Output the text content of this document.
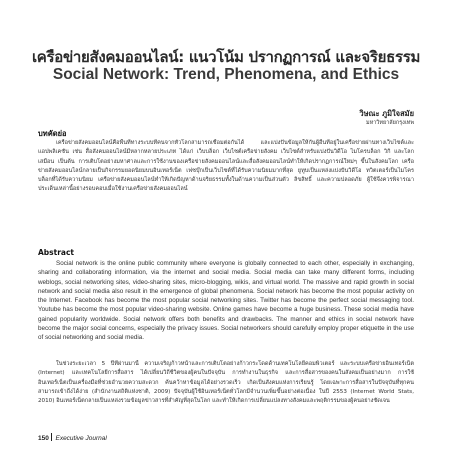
เครือข่ายสังคมออนไลน์: แนวโน้ม ปรากฏการณ์ และจริยธรรม
Social Network: Trend, Phenomena, and Ethics
วิษณะ ภูมิใจสมัย
มหาวิทยาลัยกรุงเทพ
บทคัดย่อ

เครือข่ายสังคมออนไลน์คือพื้นที่ทางระบบที่คนจากทั่วโลกสามารถเชื่อมต่อกันได้ และแบ่งปันข้อมูลให้กันผู้อื่นที่อยู่ในเครือข่ายผ่านทางเว็บไซต์และแอปพลิเคชัน เช่น สื่อสังคมออนไลน์มีหลากหลายประเภท ได้แก่ เว็บบล็อก เว็บไซต์เครือข่ายสังคม เว็บไซต์สำหรับแบ่งปันวิดีโอ ไมโครบล็อก วิกิ และโลกเสมือน เป็นต้น การเติบโตอย่างมหาศาลและการใช้งานของเครือข่ายสังคมออนไลน์และสื่อสังคมออนไลน์ทำให้เกิดปรากฏการณ์ใหม่ๆ ขึ้นในสังคมโลก เครือข่ายสังคมออนไลน์กลายเป็นกิจกรรมยอดนิยมบนอินเทอร์เน็ต เฟซบุ๊กเป็นเว็บไซต์ที่ได้รับความนิยมมากที่สุด ยูทูบเป็นแหล่งแบ่งปันวิดีโอ ทวิตเตอร์เป็นไมโครบล็อกที่ได้รับความนิยม เครือข่ายสังคมออนไลน์ทำให้เกิดปัญหาด้านจริยธรรมทั้งในด้านความเป็นส่วนตัว ลิขสิทธิ์ และความปลอดภัย ผู้ใช้จึงควรพิจารณาประเด็นเหล่านี้อย่างรอบคอบเมื่อใช้งานเครือข่ายสังคมออนไลน์

Abstract

Social network is the online public community where everyone is globally connected to each other, especially in exchanging, sharing and collaborating information, via the internet and social media. Social media can take many different forms, including weblogs, social networking sites, video-sharing sites, micro-blogging, wikis, and virtual world. The massive and rapid growth in social network and social media also result in the emergence of global phenomena. Social network has become the most popular activity on the Internet. Facebook has become the most popular social networking sites. Twitter has become the perfect social messaging tool. Youtube has become the most popular video-sharing website. Online games have become a huge business. These social media have gained popularity worldwide. Social network offers both benefits and drawbacks. The manner and ethics in social network have become the major social concerns, especially the privacy issues. Social networkers should carefully employ proper etiquette in the use of social networking and social media.

ในช่วงระยะเวลา 5 ปีที่ผ่านมานี้ ความเจริญก้าวหน้าและการเติบโตอย่างก้าวกระโดดด้านเทคโนโลยีคอมพิวเตอร์ และระบบเครือข่ายอินเทอร์เน็ต (Internet) และเทคโนโลยีการสื่อสาร ได้เปลี่ยนวิถีชีวิตของผู้คนในปัจจุบัน การทำงานในธุรกิจ และการสื่อสารของคนในสังคมเป็นอย่างมาก การใช้อินเทอร์เน็ตเป็นเครื่องมือที่ช่วยอำนวยความสะดวก ค้นคว้าหาข้อมูลได้อย่างรวดเร็ว เกิดเป็นสังคมแห่งการเรียนรู้ โดยเฉพาะการสื่อสารในปัจจุบันที่ทุกคนสามารถเข้าถึงได้ง่าย (สำนักงานสถิติแห่งชาติ, 2009) ปัจจุบันผู้ใช้อินเทอร์เน็ตทั่วโลกมีจำนวนเพิ่มขึ้นอย่างต่อเนื่อง ในปี 2553 (Internet World Stats, 2010) อินเทอร์เน็ตกลายเป็นแหล่งรวมข้อมูลข่าวสารที่สำคัญที่สุดในโลก และทำให้เกิดการเปลี่ยนแปลงทางสังคมและพฤติกรรมของผู้คนอย่างชัดเจน

150 Executive Journal
